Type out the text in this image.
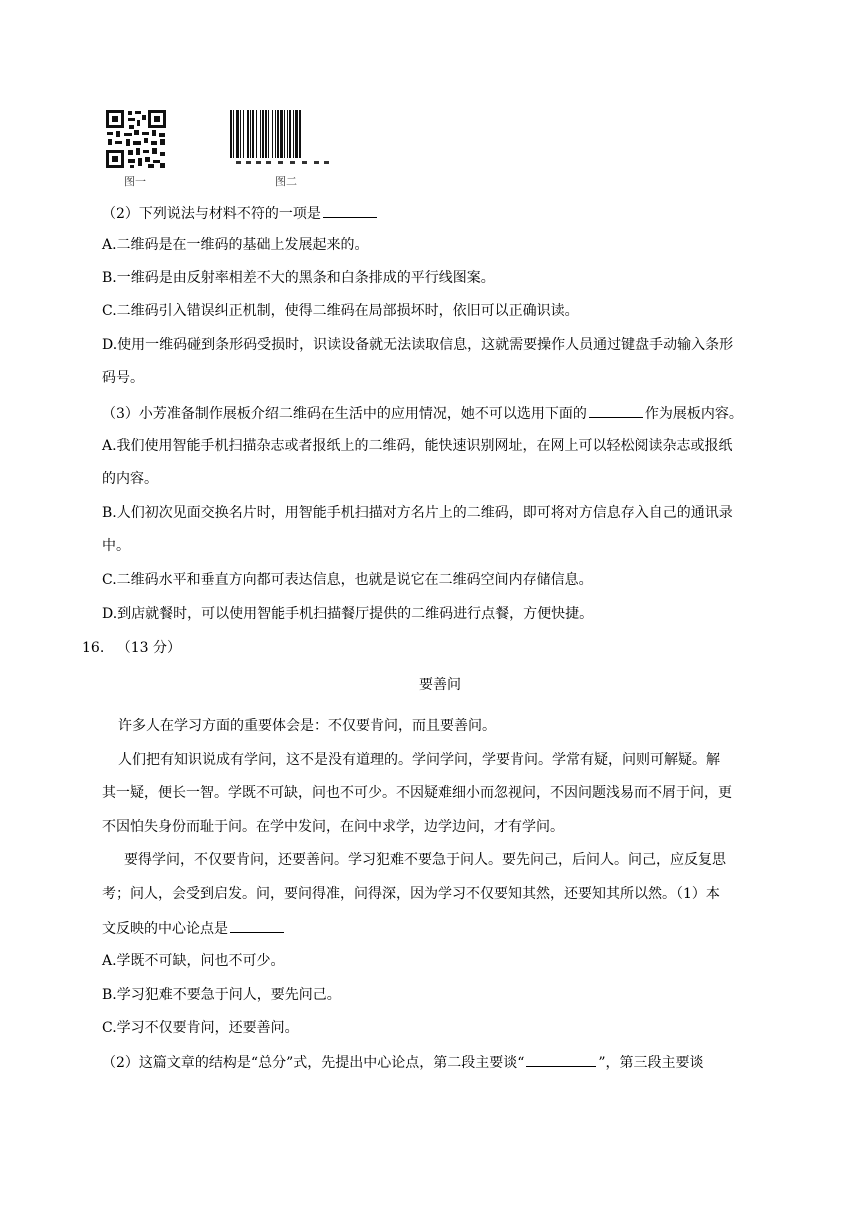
图一	图二
（2）下列说法与材料不符的一项是
A.二维码是在一维码的基础上发展起来的。
B.一维码是由反射率相差不大的黑条和白条排成的平行线图案。
C.二维码引入错误纠正机制，使得二维码在局部损坏时，依旧可以正确识读。
D.使用一维码碰到条形码受损时，识读设备就无法读取信息，这就需要操作人员通过键盘手动输入条形
码号。
（3）小芳准备制作展板介绍二维码在生活中的应用情况，她不可以选用下面的	作为展板内容。
A.我们使用智能手机扫描杂志或者报纸上的二维码，能快速识别网址，在网上可以轻松阅读杂志或报纸
的内容。
B.人们初次见面交换名片时，用智能手机扫描对方名片上的二维码，即可将对方信息存入自己的通讯录
中。
C.二维码水平和垂直方向都可表达信息，也就是说它在二维码空间内存储信息。
D.到店就餐时，可以使用智能手机扫描餐厅提供的二维码进行点餐，方便快捷。
16. （13 分）
要善问
许多人在学习方面的重要体会是：不仅要肯问，而且要善问。
人们把有知识说成有学问，这不是没有道理的。学问学问，学要肯问。学常有疑，问则可解疑。解
其一疑，便长一智。学既不可缺，问也不可少。不因疑难细小而忽视问，不因问题浅易而不屑于问，更
不因怕失身份而耻于问。在学中发问，在问中求学，边学边问，才有学问。
要得学问，不仅要肯问，还要善问。学习犯难不要急于问人。要先问己，后问人。问己，应反复思
考；问人，会受到启发。问，要问得准，问得深，因为学习不仅要知其然，还要知其所以然。（1）本
文反映的中心论点是
A.学既不可缺，问也不可少。
B.学习犯难不要急于问人，要先问己。
C.学习不仅要肯问，还要善问。
（2）这篇文章的结构是“总分”式，先提出中心论点，第二段主要谈“	”，第三段主要谈
